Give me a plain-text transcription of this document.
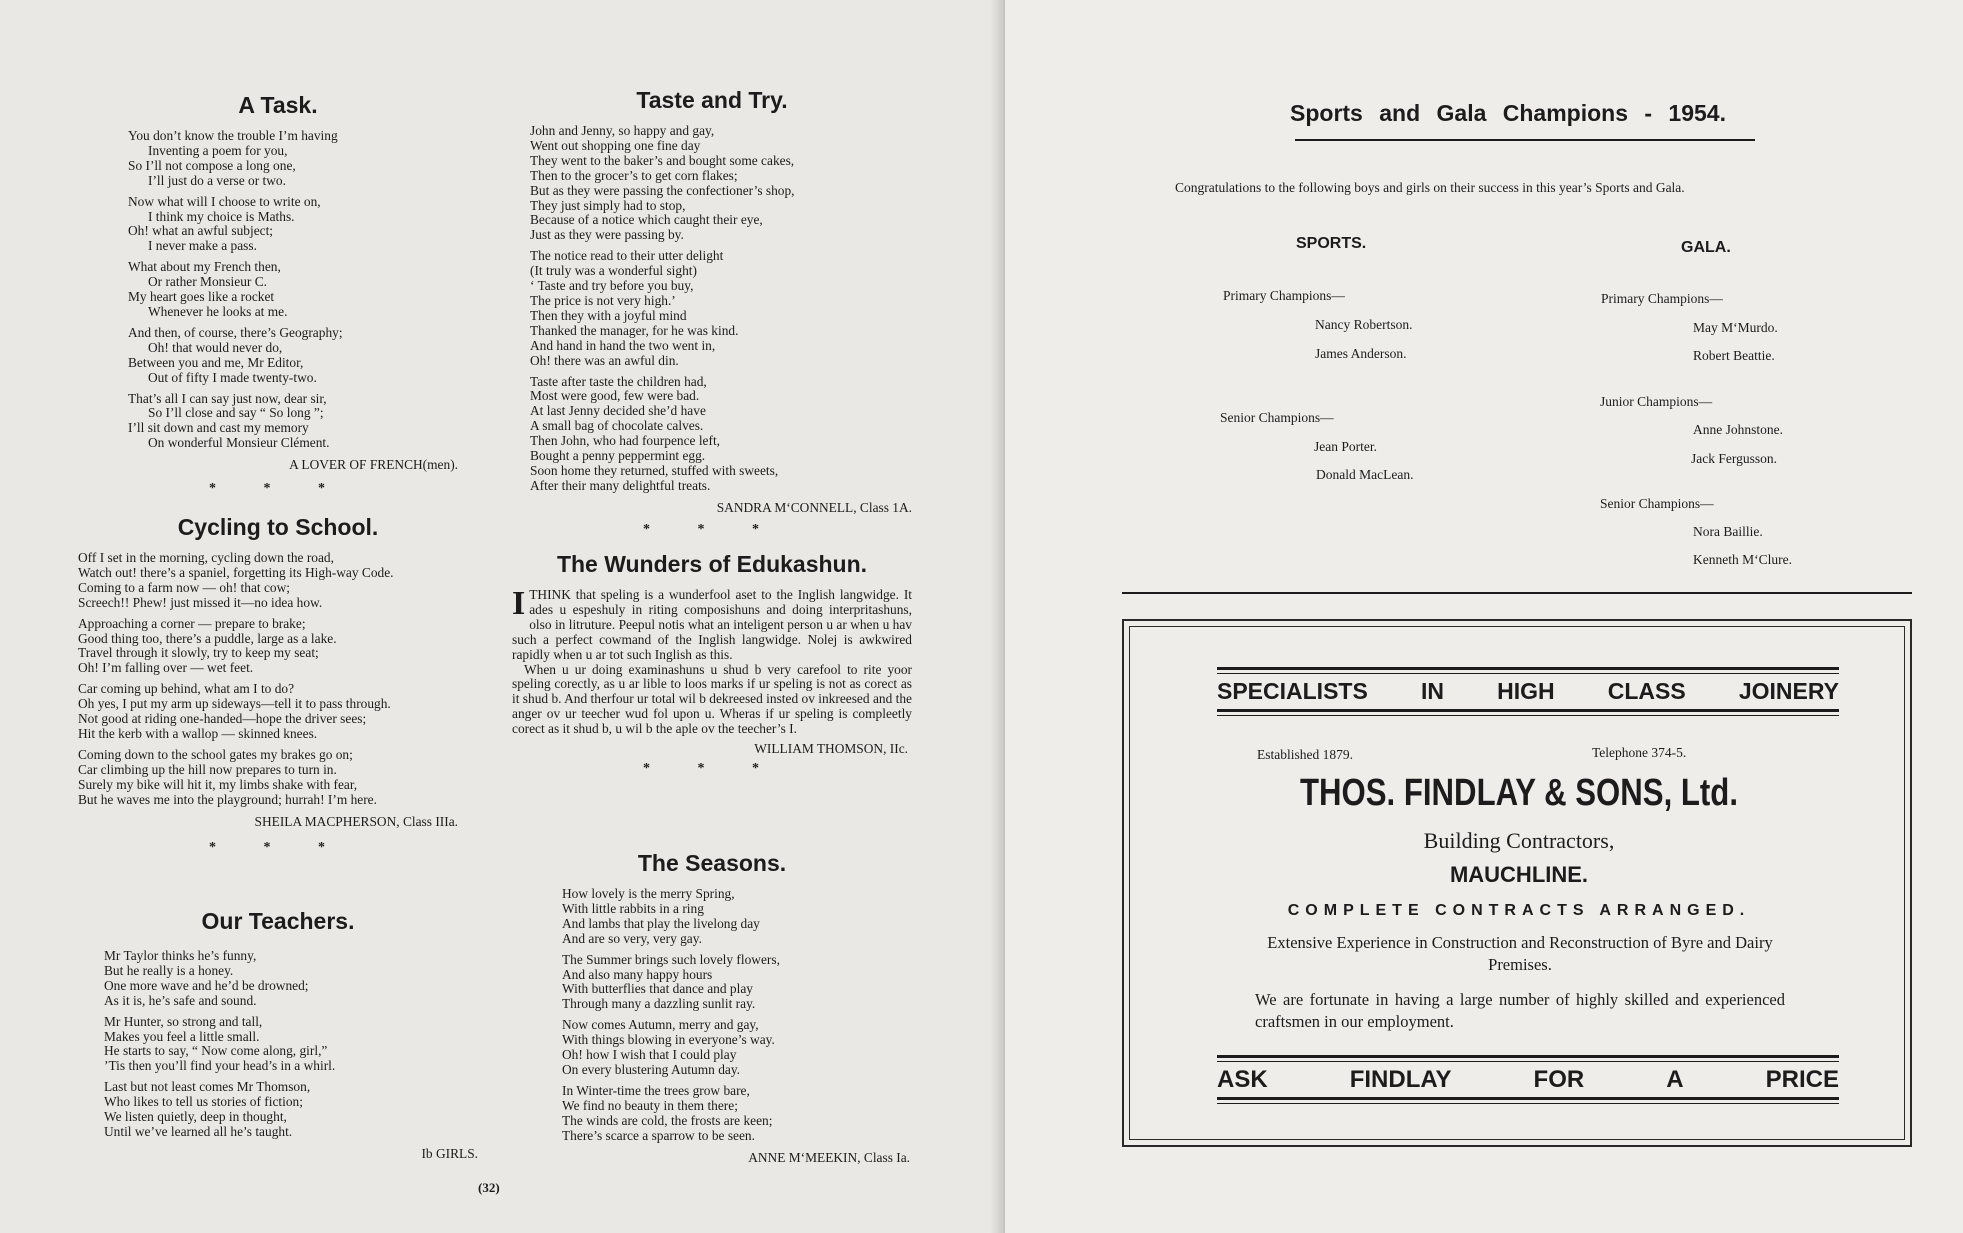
A Task.
You don’t know the trouble I’m having
Inventing a poem for you,
So I’ll not compose a long one,
I’ll just do a verse or two.
Now what will I choose to write on,
I think my choice is Maths.
Oh! what an awful subject;
I never make a pass.
What about my French then,
Or rather Monsieur C.
My heart goes like a rocket
Whenever he looks at me.
And then, of course, there’s Geography;
Oh! that would never do,
Between you and me, Mr Editor,
Out of fifty I made twenty-two.
That’s all I can say just now, dear sir,
So I’ll close and say “ So long ”;
I’ll sit down and cast my memory
On wonderful Monsieur Clément.
A LOVER OF FRENCH(men).
* * *
Cycling to School.
Off I set in the morning, cycling down the road,
Watch out! there’s a spaniel, forgetting its High-way Code.
Coming to a farm now — oh! that cow;
Screech!! Phew! just missed it—no idea how.
Approaching a corner — prepare to brake;
Good thing too, there’s a puddle, large as a lake.
Travel through it slowly, try to keep my seat;
Oh! I’m falling over — wet feet.
Car coming up behind, what am I to do?
Oh yes, I put my arm up sideways—tell it to pass through.
Not good at riding one-handed—hope the driver sees;
Hit the kerb with a wallop — skinned knees.
Coming down to the school gates my brakes go on;
Car climbing up the hill now prepares to turn in.
Surely my bike will hit it, my limbs shake with fear,
But he waves me into the playground; hurrah! I’m here.
SHEILA MACPHERSON, Class IIIa.
* * *
Our Teachers.
Mr Taylor thinks he’s funny,
But he really is a honey.
One more wave and he’d be drowned;
As it is, he’s safe and sound.
Mr Hunter, so strong and tall,
Makes you feel a little small.
He starts to say, “ Now come along, girl,”
’Tis then you’ll find your head’s in a whirl.
Last but not least comes Mr Thomson,
Who likes to tell us stories of fiction;
We listen quietly, deep in thought,
Until we’ve learned all he’s taught.
Ib GIRLS.
Taste and Try.
John and Jenny, so happy and gay,
Went out shopping one fine day
They went to the baker’s and bought some cakes,
Then to the grocer’s to get corn flakes;
But as they were passing the confectioner’s shop,
They just simply had to stop,
Because of a notice which caught their eye,
Just as they were passing by.
The notice read to their utter delight
(It truly was a wonderful sight)
‘ Taste and try before you buy,
The price is not very high.’
Then they with a joyful mind
Thanked the manager, for he was kind.
And hand in hand the two went in,
Oh! there was an awful din.
Taste after taste the children had,
Most were good, few were bad.
At last Jenny decided she’d have
A small bag of chocolate calves.
Then John, who had fourpence left,
Bought a penny peppermint egg.
Soon home they returned, stuffed with sweets,
After their many delightful treats.
SANDRA M‘CONNELL, Class 1A.
* * *
The Wunders of Edukashun.
ITHINK that speling is a wunderfool aset to the Inglish langwidge. It ades u espeshuly in riting composishuns and doing interpritashuns, olso in litruture. Peepul notis what an inteligent person u ar when u hav such a perfect cowmand of the Inglish langwidge. Nolej is awkwired rapidly when u ar tot such Inglish as this.
When u ur doing examinashuns u shud b very carefool to rite yoor speling corectly, as u ar lible to loos marks if ur speling is not as corect as it shud b. And therfour ur total wil b dekreesed insted ov inkreesed and the anger ov ur teecher wud fol upon u. Wheras if ur speling is compleetly corect as it shud b, u wil b the aple ov the teecher’s I.
WILLIAM THOMSON, IIc.
* * *
The Seasons.
How lovely is the merry Spring,
With little rabbits in a ring
And lambs that play the livelong day
And are so very, very gay.
The Summer brings such lovely flowers,
And also many happy hours
With butterflies that dance and play
Through many a dazzling sunlit ray.
Now comes Autumn, merry and gay,
With things blowing in everyone’s way.
Oh! how I wish that I could play
On every blustering Autumn day.
In Winter-time the trees grow bare,
We find no beauty in them there;
The winds are cold, the frosts are keen;
There’s scarce a sparrow to be seen.
ANNE M‘MEEKIN, Class Ia.
(32)
Sports and Gala Champions - 1954.
Congratulations to the following boys and girls on their success in this year’s Sports and Gala.
SPORTS.
Primary Champions—
Nancy Robertson.
James Anderson.
Senior Champions—
Jean Porter.
Donald MacLean.
GALA.
Primary Champions—
May M‘Murdo.
Robert Beattie.
Junior Champions—
Anne Johnstone.
Jack Fergusson.
Senior Champions—
Nora Baillie.
Kenneth M‘Clure.
SPECIALISTS IN HIGH CLASS JOINERY
Established 1879.	Telephone 374-5.
THOS. FINDLAY & SONS, Ltd.
Building Contractors,
MAUCHLINE.
COMPLETE CONTRACTS ARRANGED.
Extensive Experience in Construction and Reconstruction of Byre and Dairy Premises.
We are fortunate in having a large number of highly skilled and experienced craftsmen in our employment.
ASK	FINDLAY	FOR	A	PRICE
